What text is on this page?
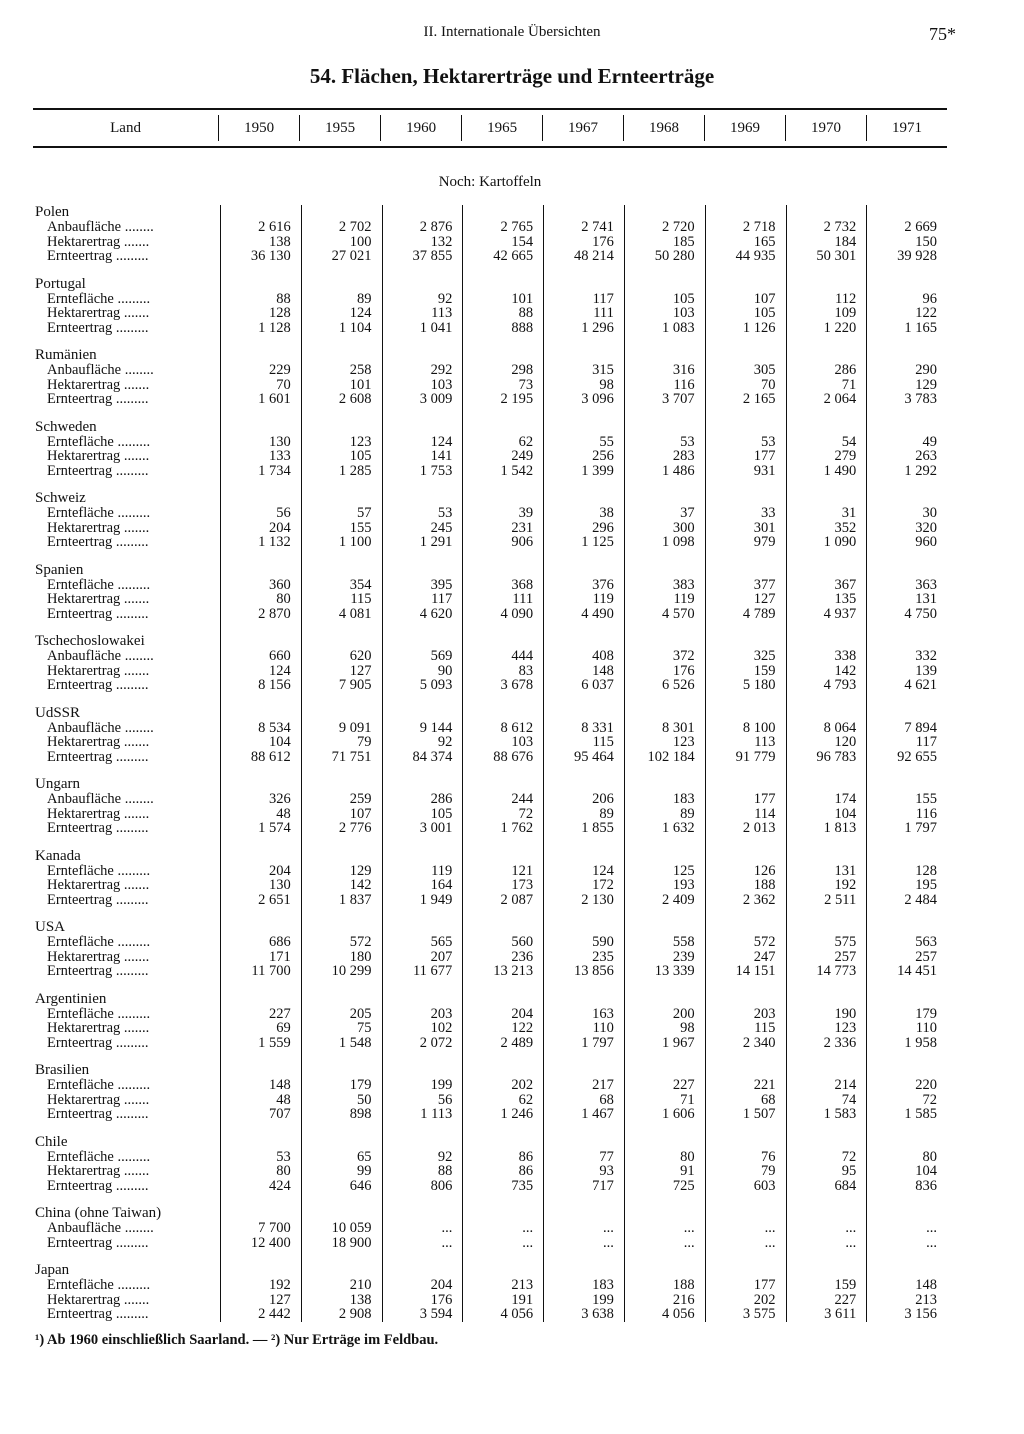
II. Internationale Übersichten	75*
54. Flächen, Hektarerträge und Ernteerträge
Land	1950	1955	1960	1965	1967	1968	1969	1970	1971
Noch: Kartoffeln
Polen
Anbaufläche ........	2 616	2 702	2 876	2 765	2 741	2 720	2 718	2 732	2 669
Hektarertrag .......	138	100	132	154	176	185	165	184	150
Ernteertrag .........	36 130	27 021	37 855	42 665	48 214	50 280	44 935	50 301	39 928
Portugal
Erntefläche .........	88	89	92	101	117	105	107	112	96
Hektarertrag .......	128	124	113	88	111	103	105	109	122
Ernteertrag .........	1 128	1 104	1 041	888	1 296	1 083	1 126	1 220	1 165
Rumänien
Anbaufläche ........	229	258	292	298	315	316	305	286	290
Hektarertrag .......	70	101	103	73	98	116	70	71	129
Ernteertrag .........	1 601	2 608	3 009	2 195	3 096	3 707	2 165	2 064	3 783
Schweden
Erntefläche .........	130	123	124	62	55	53	53	54	49
Hektarertrag .......	133	105	141	249	256	283	177	279	263
Ernteertrag .........	1 734	1 285	1 753	1 542	1 399	1 486	931	1 490	1 292
Schweiz
Erntefläche .........	56	57	53	39	38	37	33	31	30
Hektarertrag .......	204	155	245	231	296	300	301	352	320
Ernteertrag .........	1 132	1 100	1 291	906	1 125	1 098	979	1 090	960
Spanien
Erntefläche .........	360	354	395	368	376	383	377	367	363
Hektarertrag .......	80	115	117	111	119	119	127	135	131
Ernteertrag .........	2 870	4 081	4 620	4 090	4 490	4 570	4 789	4 937	4 750
Tschechoslowakei
Anbaufläche ........	660	620	569	444	408	372	325	338	332
Hektarertrag .......	124	127	90	83	148	176	159	142	139
Ernteertrag .........	8 156	7 905	5 093	3 678	6 037	6 526	5 180	4 793	4 621
UdSSR
Anbaufläche ........	8 534	9 091	9 144	8 612	8 331	8 301	8 100	8 064	7 894
Hektarertrag .......	104	79	92	103	115	123	113	120	117
Ernteertrag .........	88 612	71 751	84 374	88 676	95 464	102 184	91 779	96 783	92 655
Ungarn
Anbaufläche ........	326	259	286	244	206	183	177	174	155
Hektarertrag .......	48	107	105	72	89	89	114	104	116
Ernteertrag .........	1 574	2 776	3 001	1 762	1 855	1 632	2 013	1 813	1 797
Kanada
Erntefläche .........	204	129	119	121	124	125	126	131	128
Hektarertrag .......	130	142	164	173	172	193	188	192	195
Ernteertrag .........	2 651	1 837	1 949	2 087	2 130	2 409	2 362	2 511	2 484
USA
Erntefläche .........	686	572	565	560	590	558	572	575	563
Hektarertrag .......	171	180	207	236	235	239	247	257	257
Ernteertrag .........	11 700	10 299	11 677	13 213	13 856	13 339	14 151	14 773	14 451
Argentinien
Erntefläche .........	227	205	203	204	163	200	203	190	179
Hektarertrag .......	69	75	102	122	110	98	115	123	110
Ernteertrag .........	1 559	1 548	2 072	2 489	1 797	1 967	2 340	2 336	1 958
Brasilien
Erntefläche .........	148	179	199	202	217	227	221	214	220
Hektarertrag .......	48	50	56	62	68	71	68	74	72
Ernteertrag .........	707	898	1 113	1 246	1 467	1 606	1 507	1 583	1 585
Chile
Erntefläche .........	53	65	92	86	77	80	76	72	80
Hektarertrag .......	80	99	88	86	93	91	79	95	104
Ernteertrag .........	424	646	806	735	717	725	603	684	836
China (ohne Taiwan)
Anbaufläche ........	7 700	10 059	...	...	...	...	...	...	...
Ernteertrag .........	12 400	18 900	...	...	...	...	...	...	...
Japan
Erntefläche .........	192	210	204	213	183	188	177	159	148
Hektarertrag .......	127	138	176	191	199	216	202	227	213
Ernteertrag .........	2 442	2 908	3 594	4 056	3 638	4 056	3 575	3 611	3 156
¹) Ab 1960 einschließlich Saarland. — ²) Nur Erträge im Feldbau.
